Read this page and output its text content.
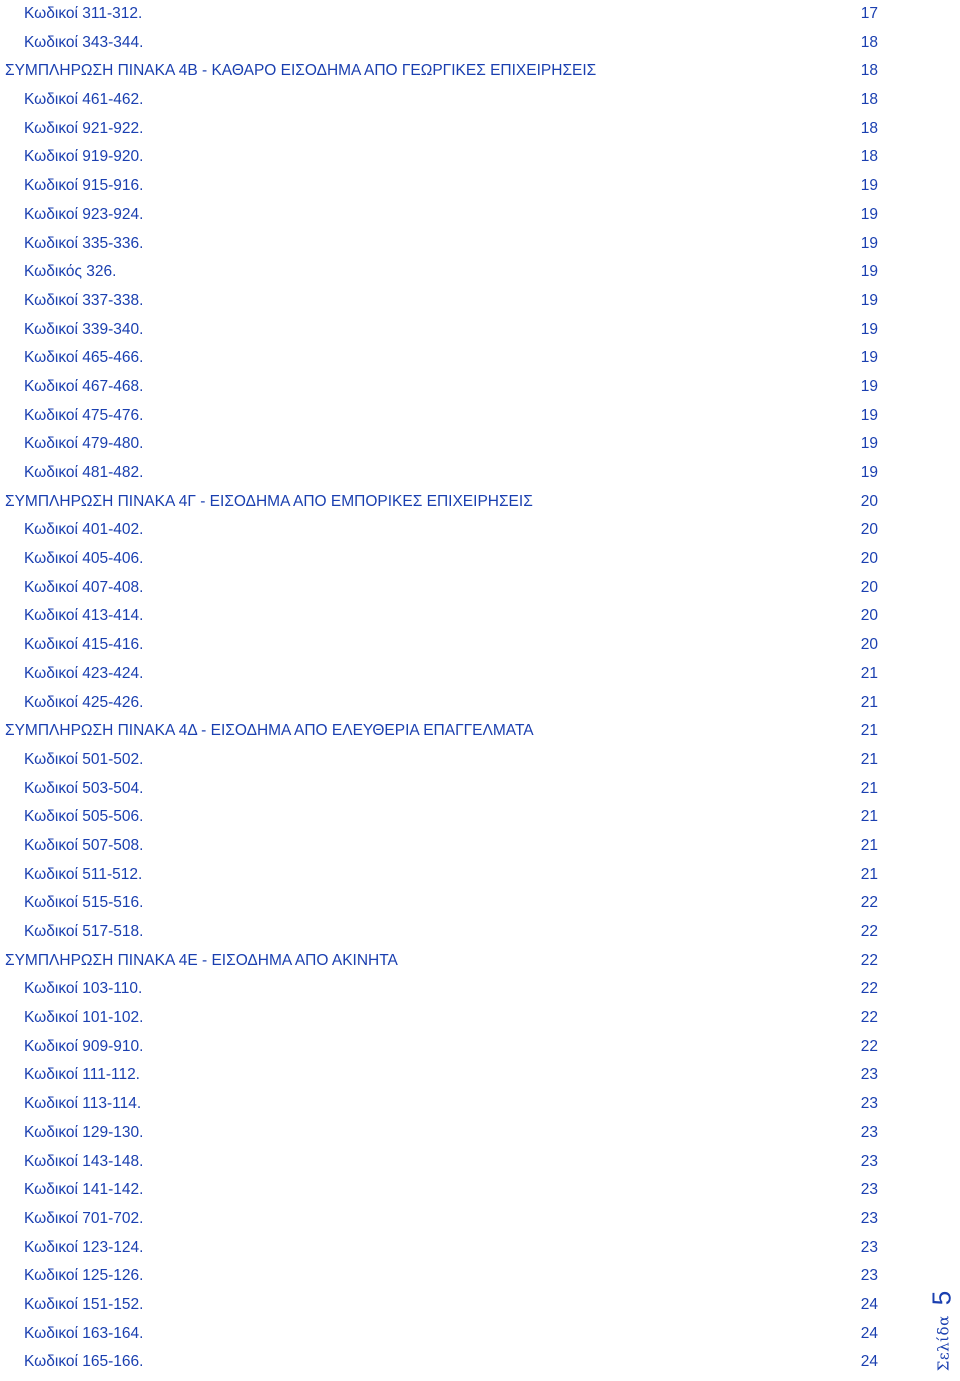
Κωδικοί 311-312.	17
Κωδικοί 343-344.	18
ΣΥΜΠΛΗΡΩΣΗ ΠΙΝΑΚΑ 4Β - ΚΑΘΑΡΟ ΕΙΣΟΔΗΜΑ ΑΠΟ ΓΕΩΡΓΙΚΕΣ ΕΠΙΧΕΙΡΗΣΕΙΣ	18
Κωδικοί 461-462.	18
Κωδικοί 921-922.	18
Κωδικοί 919-920.	18
Κωδικοί 915-916.	19
Κωδικοί 923-924.	19
Κωδικοί 335-336.	19
Κωδικός 326.	19
Κωδικοί 337-338.	19
Κωδικοί 339-340.	19
Κωδικοί 465-466.	19
Κωδικοί 467-468.	19
Κωδικοί 475-476.	19
Κωδικοί 479-480.	19
Κωδικοί 481-482.	19
ΣΥΜΠΛΗΡΩΣΗ ΠΙΝΑΚΑ 4Γ - ΕΙΣΟΔΗΜΑ ΑΠΟ ΕΜΠΟΡΙΚΕΣ ΕΠΙΧΕΙΡΗΣΕΙΣ	20
Κωδικοί 401-402.	20
Κωδικοί 405-406.	20
Κωδικοί 407-408.	20
Κωδικοί 413-414.	20
Κωδικοί 415-416.	20
Κωδικοί 423-424.	21
Κωδικοί 425-426.	21
ΣΥΜΠΛΗΡΩΣΗ ΠΙΝΑΚΑ 4Δ - ΕΙΣΟΔΗΜΑ ΑΠΟ ΕΛΕΥΘΕΡΙΑ ΕΠΑΓΓΕΛΜΑΤΑ	21
Κωδικοί 501-502.	21
Κωδικοί 503-504.	21
Κωδικοί 505-506.	21
Κωδικοί 507-508.	21
Κωδικοί 511-512.	21
Κωδικοί 515-516.	22
Κωδικοί 517-518.	22
ΣΥΜΠΛΗΡΩΣΗ ΠΙΝΑΚΑ 4Ε - ΕΙΣΟΔΗΜΑ ΑΠΟ ΑΚΙΝΗΤΑ	22
Κωδικοί 103-110.	22
Κωδικοί 101-102.	22
Κωδικοί 909-910.	22
Κωδικοί 111-112.	23
Κωδικοί 113-114.	23
Κωδικοί 129-130.	23
Κωδικοί 143-148.	23
Κωδικοί 141-142.	23
Κωδικοί 701-702.	23
Κωδικοί 123-124.	23
Κωδικοί 125-126.	23
Κωδικοί 151-152.	24
Κωδικοί 163-164.	24
Κωδικοί 165-166.	24	Σελίδα5
